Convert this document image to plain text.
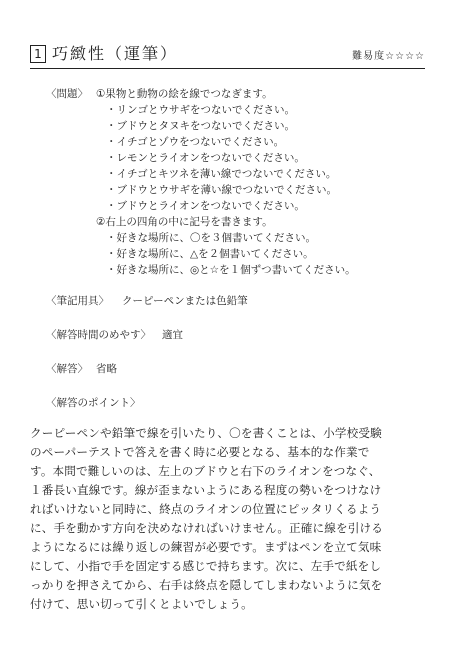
1 巧緻性（運筆）	難易度☆☆☆☆
〈問題〉 ①果物と動物の絵を線でつなぎます。
・リンゴとウサギをつないでください。
・ブドウとタヌキをつないでください。
・イチゴとゾウをつないでください。
・レモンとライオンをつないでください。
・イチゴとキツネを薄い線でつないでください。
・ブドウとウサギを薄い線でつないでください。
・ブドウとライオンをつないでください。
②右上の四角の中に記号を書きます。
・好きな場所に、〇を３個書いてください。
・好きな場所に、△を２個書いてください。
・好きな場所に、◎と☆を１個ずつ書いてください。
〈筆記用具〉 クーピーペンまたは色鉛筆
〈解答時間のめやす〉 適宜
〈解答〉 省略
〈解答のポイント〉
クーピーペンや鉛筆で線を引いたり、〇を書くことは、小学校受験
のペーパーテストで答えを書く時に必要となる、基本的な作業で
す。本問で難しいのは、左上のブドウと右下のライオンをつなぐ、
１番長い直線です。線が歪まないようにある程度の勢いをつけなけ
ればいけないと同時に、終点のライオンの位置にピッタリくるよう
に、手を動かす方向を決めなければいけません。正確に線を引ける
ようになるには繰り返しの練習が必要です。まずはペンを立て気味
にして、小指で手を固定する感じで持ちます。次に、左手で紙をし
っかりを押さえてから、右手は終点を隠してしまわないように気を
付けて、思い切って引くとよいでしょう。
